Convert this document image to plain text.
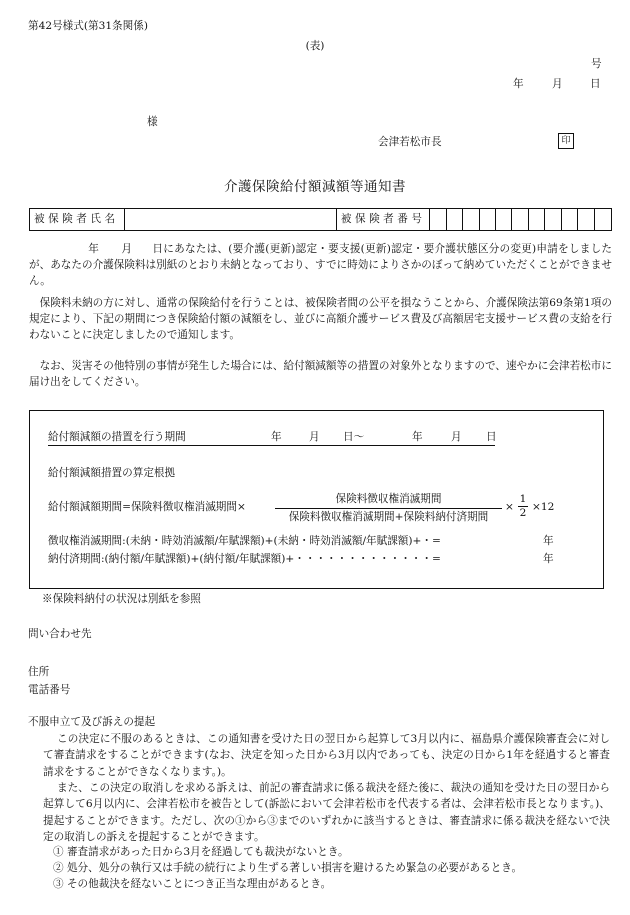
第42号様式(第31条関係)
(表)
号
年	月	日
様
会津若松市長	印
介護保険給付額減額等通知書
被保険者氏名		被保険者番号											
年 月 日にあなたは、(要介護(更新)認定・要支援(更新)認定・要介護状態区分の変更)申請をしましたが、あなたの介護保険料は別紙のとおり未納となっており、すでに時効によりさかのぼって納めていただくことができません。
保険料未納の方に対し、通常の保険給付を行うことは、被保険者間の公平を損なうことから、介護保険法第69条第1項の規定により、下記の期間につき保険給付額の減額をし、並びに高額介護サービス費及び高額居宅支援サービス費の支給を行わないことに決定しましたので通知します。
なお、災害その他特別の事情が発生した場合には、給付額減額等の措置の対象外となりますので、速やかに会津若松市に届け出をしてください。
給付額減額の措置を行う期間	年	月 日〜	年	月 日
給付額減額措置の算定根拠
給付額減額期間=保険料徴収権消滅期間×
保険料徴収権消滅期間
保険料徴収権消滅期間+保険料納付済期間
× $\frac{1}{2} \times 12$
徴収権消滅期間:(未納・時効消滅額/年賦課額)+(未納・時効消滅額/年賦課額)+・=	年
納付済期間:(納付額/年賦課額)+(納付額/年賦課額)+・・・・・・・・・・・・・=	年
※保険料納付の状況は別紙を参照
問い合わせ先
住所
電話番号
不服申立て及び訴えの提起
この決定に不服のあるときは、この通知書を受けた日の翌日から起算して3月以内に、福島県介護保険審査会に対して審査請求をすることができます(なお、決定を知った日から3月以内であっても、決定の日から1年を経過すると審査請求をすることができなくなります。)。
また、この決定の取消しを求める訴えは、前記の審査請求に係る裁決を経た後に、裁決の通知を受けた日の翌日から起算して6月以内に、会津若松市を被告として(訴訟において会津若松市を代表する者は、会津若松市長となります。)、提起することができます。ただし、次の①から③までのいずれかに該当するときは、審査請求に係る裁決を経ないで決定の取消しの訴えを提起することができます。
① 審査請求があった日から3月を経過しても裁決がないとき。
② 処分、処分の執行又は手続の続行により生ずる著しい損害を避けるため緊急の必要があるとき。
③ その他裁決を経ないことにつき正当な理由があるとき。
